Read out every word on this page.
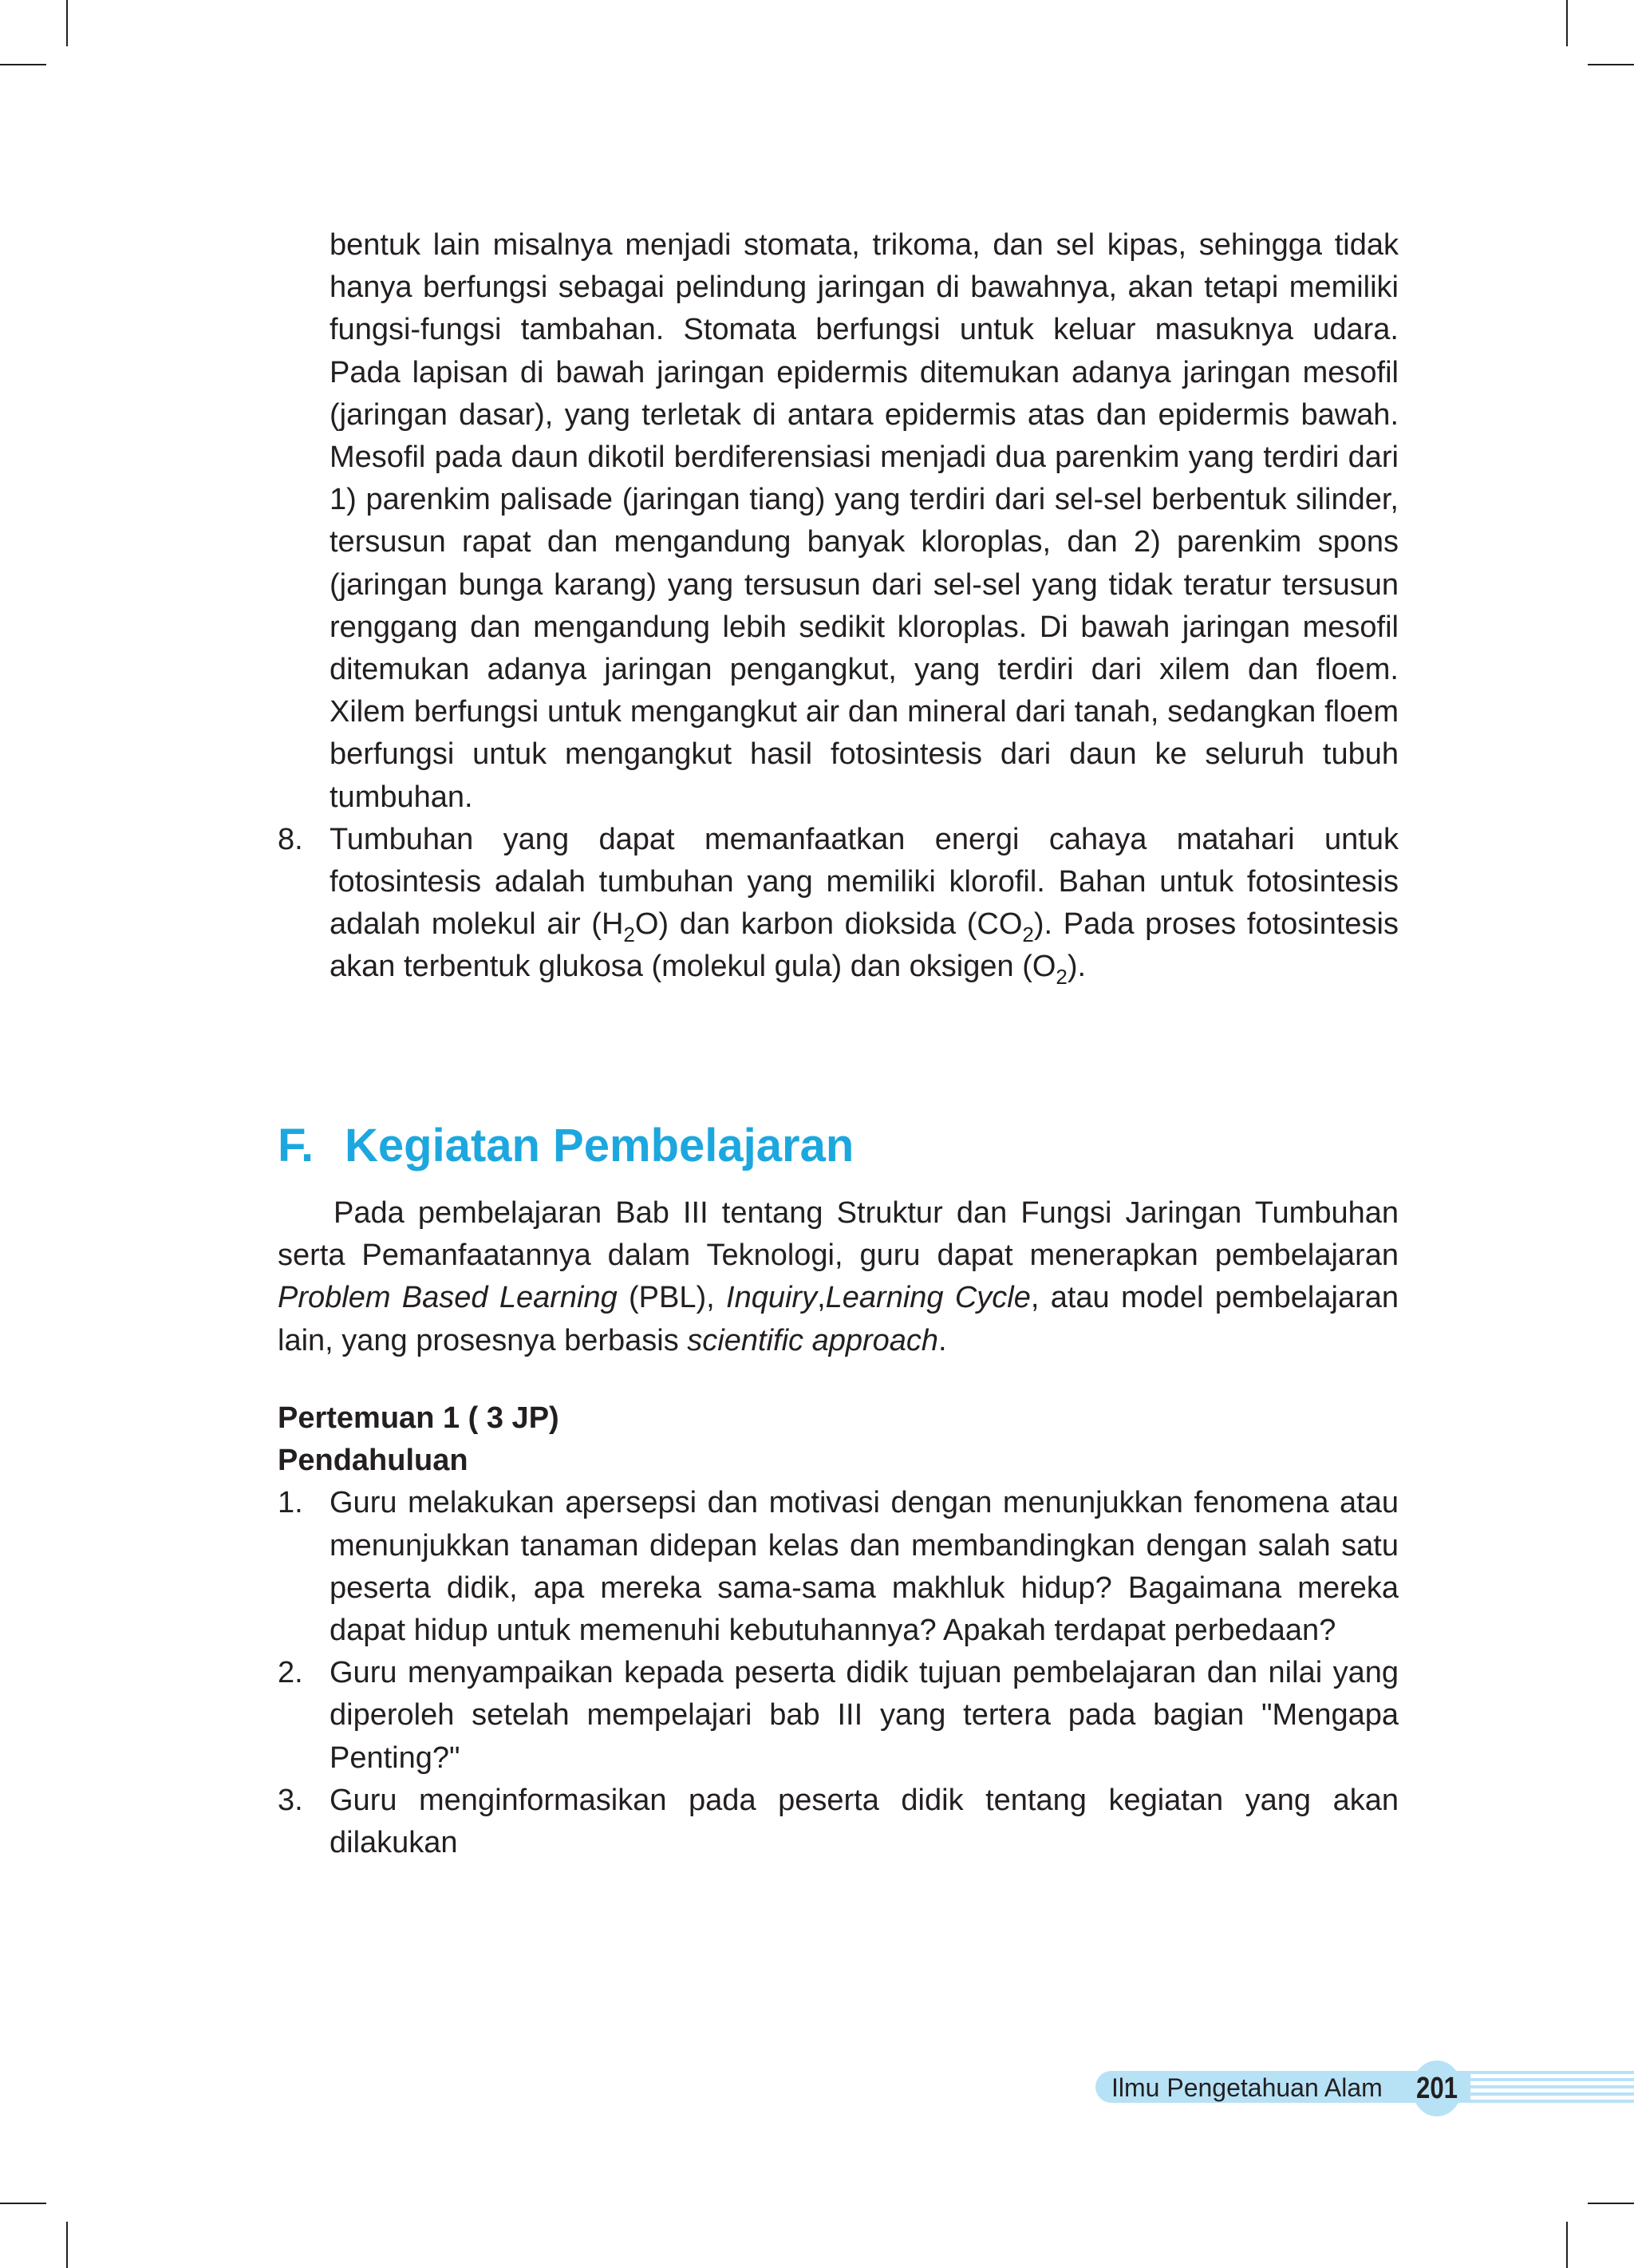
bentuk lain misalnya menjadi stomata, trikoma, dan sel kipas, sehingga tidak hanya berfungsi sebagai pelindung jaringan di bawahnya, akan tetapi memiliki fungsi-fungsi tambahan. Stomata berfungsi untuk keluar masuknya udara. Pada lapisan di bawah jaringan epidermis ditemukan adanya jaringan mesofil (jaringan dasar), yang terletak di antara epidermis atas dan epidermis bawah. Mesofil pada daun dikotil berdiferensiasi menjadi dua parenkim yang terdiri dari 1) parenkim palisade (jaringan tiang) yang terdiri dari sel-sel berbentuk silinder, tersusun rapat dan mengandung banyak kloroplas, dan 2) parenkim spons (jaringan bunga karang) yang tersusun dari sel-sel yang tidak teratur tersusun renggang dan mengandung lebih sedikit kloroplas. Di bawah jaringan mesofil ditemukan adanya jaringan pengangkut, yang terdiri dari xilem dan floem. Xilem berfungsi untuk mengangkut air dan mineral dari tanah, sedangkan floem berfungsi untuk mengangkut hasil fotosintesis dari daun ke seluruh tubuh tumbuhan.

8. Tumbuhan yang dapat memanfaatkan energi cahaya matahari untuk fotosintesis adalah tumbuhan yang memiliki klorofil. Bahan untuk fotosintesis adalah molekul air $(H_2O)$ dan karbon dioksida $(CO_2)$. Pada proses fotosintesis akan terbentuk glukosa (molekul gula) dan oksigen $(O_2)$.
F. Kegiatan Pembelajaran

Pada pembelajaran Bab III tentang Struktur dan Fungsi Jaringan Tumbuhan serta Pemanfaatannya dalam Teknologi, guru dapat menerapkan pembelajaran Problem Based Learning (PBL), Inquiry,Learning Cycle, atau model pembelajaran lain, yang prosesnya berbasis scientific approach.

Pertemuan 1 ( 3 JP)

Pendahuluan

1. Guru melakukan apersepsi dan motivasi dengan menunjukkan fenomena atau menunjukkan tanaman didepan kelas dan membandingkan dengan salah satu peserta didik, apa mereka sama-sama makhluk hidup? Bagaimana mereka dapat hidup untuk memenuhi kebutuhannya? Apakah terdapat perbedaan?
2. Guru menyampaikan kepada peserta didik tujuan pembelajaran dan nilai yang diperoleh setelah mempelajari bab III yang tertera pada bagian "Mengapa Penting?"
3. Guru menginformasikan pada peserta didik tentang kegiatan yang akan dilakukan
Ilmu Pengetahuan Alam 201
